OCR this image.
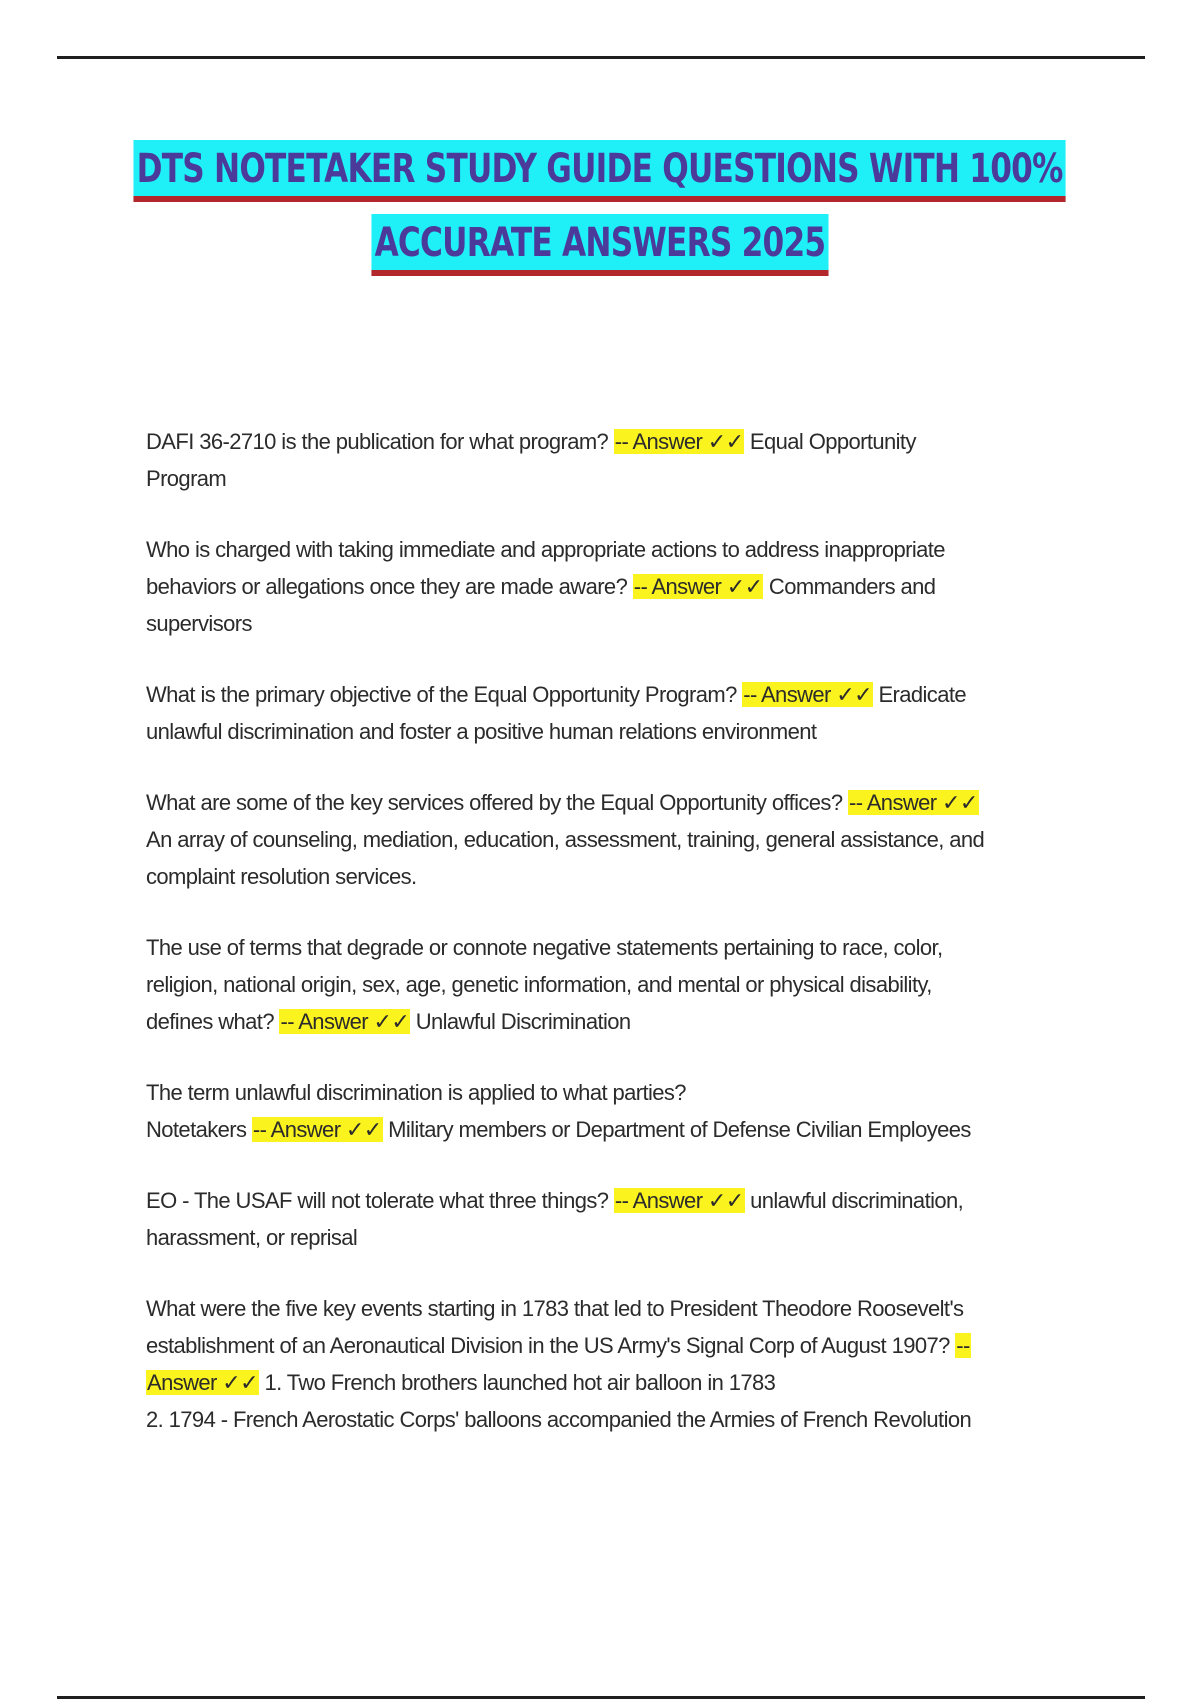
DTS NOTETAKER STUDY GUIDE QUESTIONS WITH 100%
ACCURATE ANSWERS 2025
DAFI 36-2710 is the publication for what program? -- Answer ✓✓ Equal Opportunity
Program
Who is charged with taking immediate and appropriate actions to address inappropriate
behaviors or allegations once they are made aware? -- Answer ✓✓ Commanders and
supervisors
What is the primary objective of the Equal Opportunity Program? -- Answer ✓✓ Eradicate
unlawful discrimination and foster a positive human relations environment
What are some of the key services offered by the Equal Opportunity offices? -- Answer ✓✓
An array of counseling, mediation, education, assessment, training, general assistance, and
complaint resolution services.
The use of terms that degrade or connote negative statements pertaining to race, color,
religion, national origin, sex, age, genetic information, and mental or physical disability,
defines what? -- Answer ✓✓ Unlawful Discrimination
The term unlawful discrimination is applied to what parties?
Notetakers -- Answer ✓✓ Military members or Department of Defense Civilian Employees
EO - The USAF will not tolerate what three things? -- Answer ✓✓ unlawful discrimination,
harassment, or reprisal
What were the five key events starting in 1783 that led to President Theodore Roosevelt's
establishment of an Aeronautical Division in the US Army's Signal Corp of August 1907? --
Answer ✓✓ 1. Two French brothers launched hot air balloon in 1783
2. 1794 - French Aerostatic Corps' balloons accompanied the Armies of French Revolution
